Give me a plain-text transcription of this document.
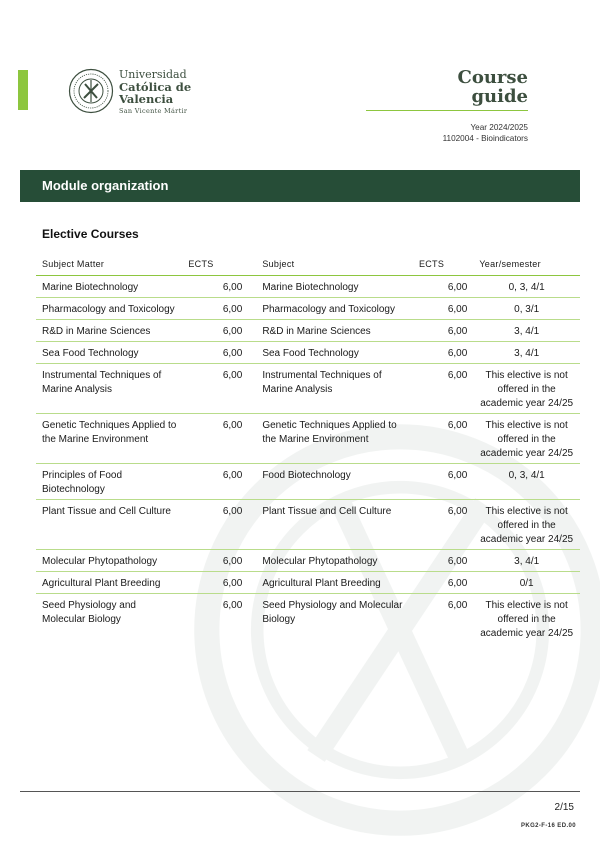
Universidad
Católica de
Valencia
San Vicente Mártir
Course
guide
Year 2024/2025
1102004 - Bioindicators
Module organization
Elective Courses
Subject Matter	ECTS	Subject	ECTS	Year/semester
Marine Biotechnology	6,00	Marine Biotechnology	6,00	0, 3, 4/1
Pharmacology and Toxicology	6,00	Pharmacology and Toxicology	6,00	0, 3/1
R&D in Marine Sciences	6,00	R&D in Marine Sciences	6,00	3, 4/1
Sea Food Technology	6,00	Sea Food Technology	6,00	3, 4/1
Instrumental Techniques of Marine Analysis	6,00	Instrumental Techniques of Marine Analysis	6,00	This elective is not offered in the academic year 24/25
Genetic Techniques Applied to the Marine Environment	6,00	Genetic Techniques Applied to the Marine Environment	6,00	This elective is not offered in the academic year 24/25
Principles of Food Biotechnology	6,00	Food Biotechnology	6,00	0, 3, 4/1
Plant Tissue and Cell Culture	6,00	Plant Tissue and Cell Culture	6,00	This elective is not offered in the academic year 24/25
Molecular Phytopathology	6,00	Molecular Phytopathology	6,00	3, 4/1
Agricultural Plant Breeding	6,00	Agricultural Plant Breeding	6,00	0/1
Seed Physiology and Molecular Biology	6,00	Seed Physiology and Molecular Biology	6,00	This elective is not offered in the academic year 24/25
2/15
PKG2-F-16 ED.00
